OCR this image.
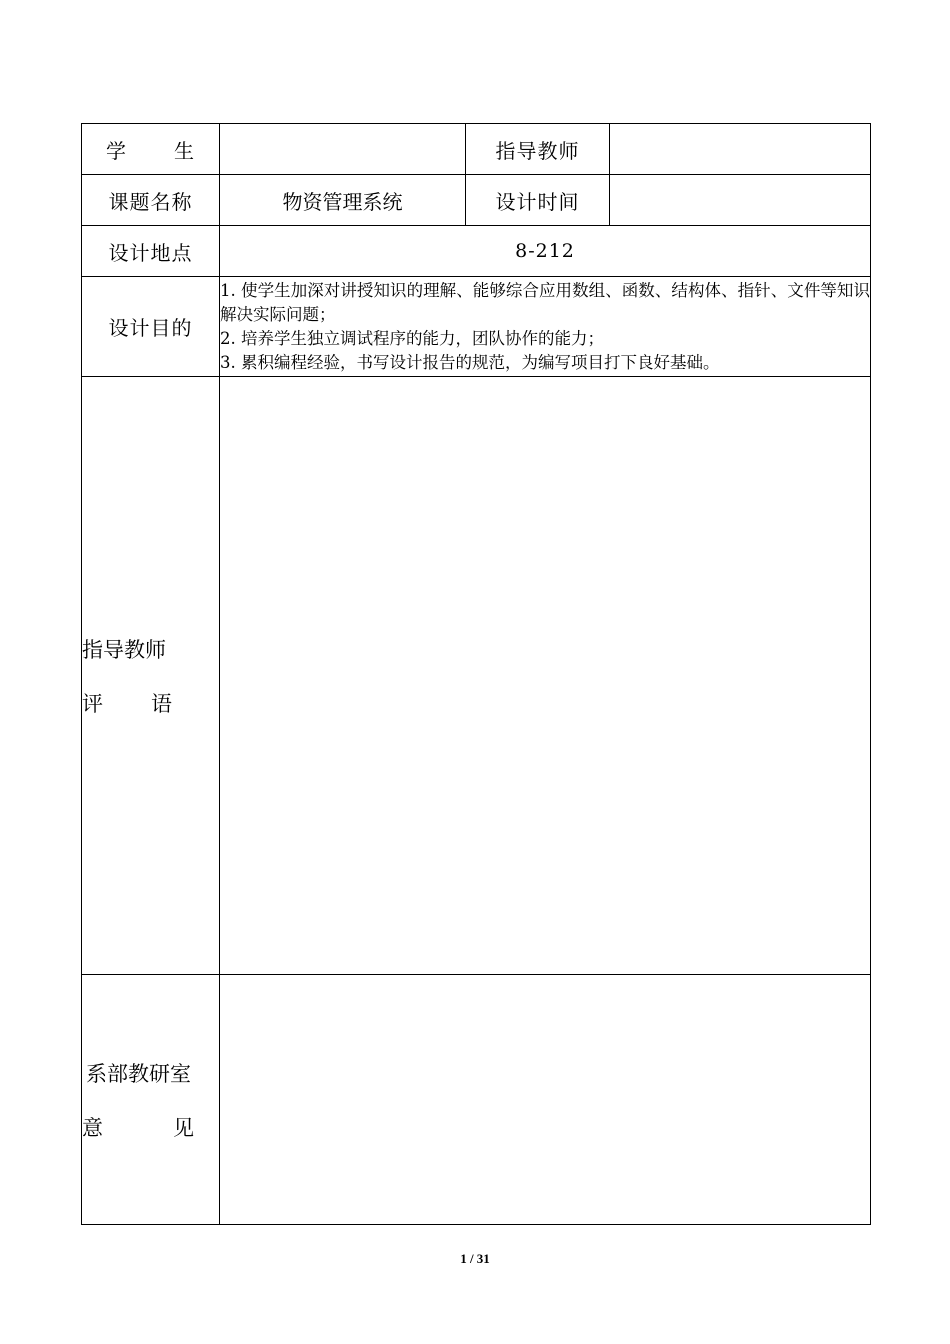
学 生		指导教师	
课题名称	物资管理系统	设计时间	
设计地点	8-212		
设计目的	1. 使学生加深对讲授知识的理解、能够综合应用数组、函数、结构体、指针、文件等知识解决实际问题；
2. 培养学生独立调试程序的能力，团队协作的能力；
3. 累积编程经验，书写设计报告的规范，为编写项目打下良好基础。		

指导教师
评 语			

系部教研室
意 见			

1 / 31
